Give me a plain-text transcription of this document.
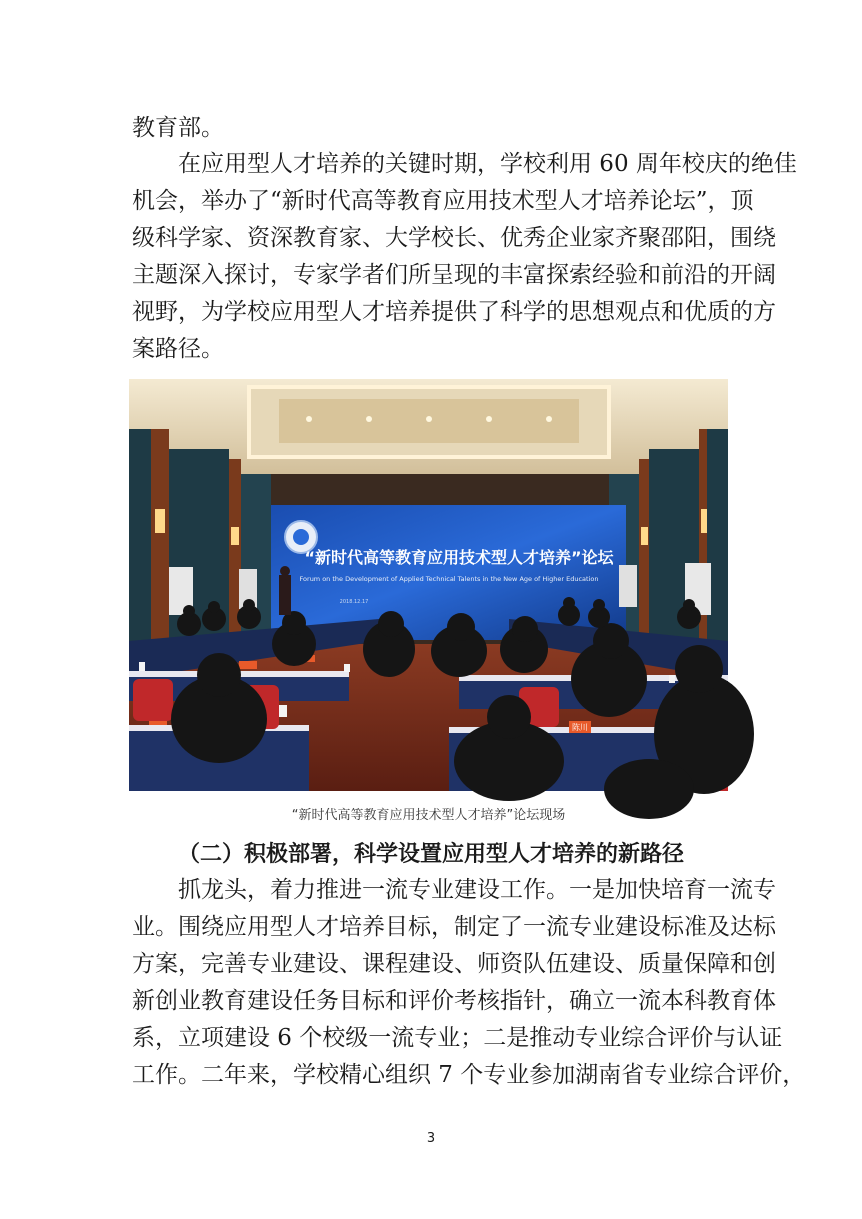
教育部。

在应用型人才培养的关键时期，学校利用 60 周年校庆的绝佳
机会，举办了“新时代高等教育应用技术型人才培养论坛”，顶
级科学家、资深教育家、大学校长、优秀企业家齐聚邵阳，围绕
主题深入探讨，专家学者们所呈现的丰富探索经验和前沿的开阔
视野，为学校应用型人才培养提供了科学的思想观点和优质的方
案路径。

“新时代高等教育应用技术型人才培养”论坛
Forum on the Development of Applied Technical Talents in the New Age of Higher Education
2018.12.17
陈川
“新时代高等教育应用技术型人才培养”论坛现场
（二）积极部署，科学设置应用型人才培养的新路径

抓龙头，着力推进一流专业建设工作。一是加快培育一流专
业。围绕应用型人才培养目标，制定了一流专业建设标准及达标
方案，完善专业建设、课程建设、师资队伍建设、质量保障和创
新创业教育建设任务目标和评价考核指针，确立一流本科教育体
系，立项建设 6 个校级一流专业；二是推动专业综合评价与认证
工作。二年来，学校精心组织 7 个专业参加湖南省专业综合评价，

3
